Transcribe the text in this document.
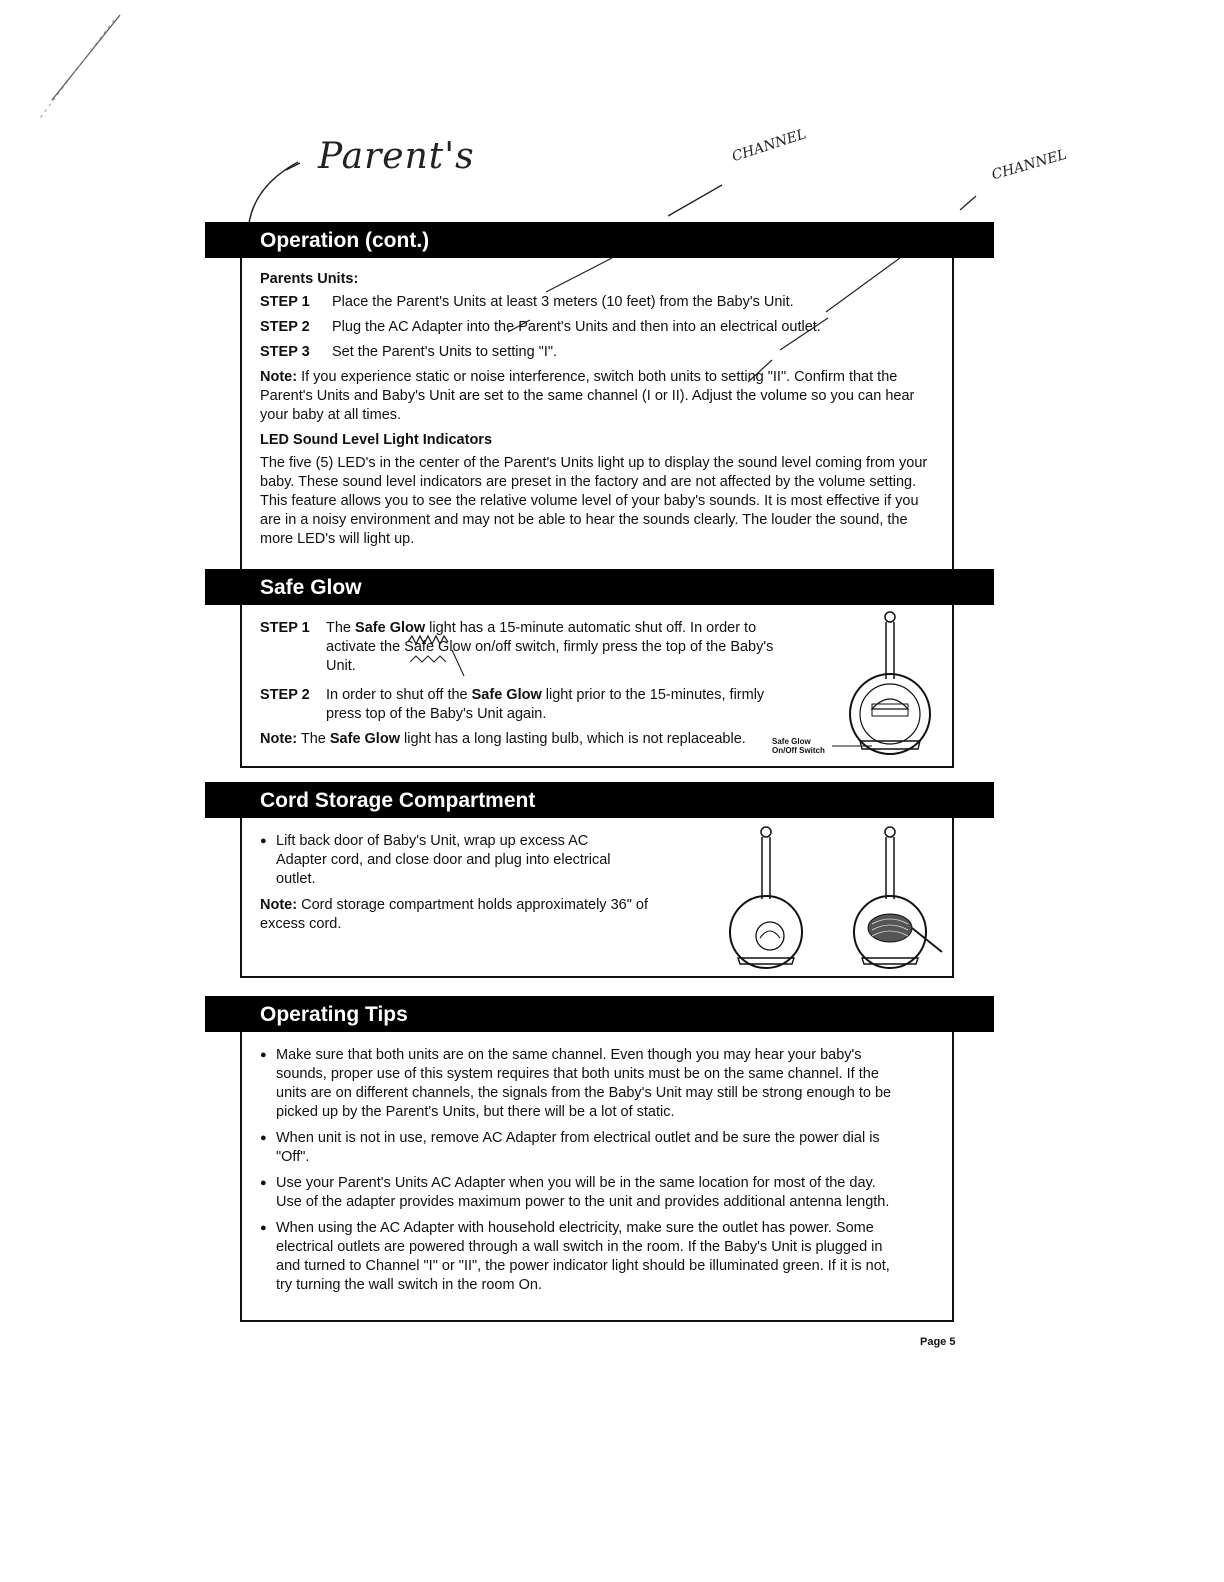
Parent's	CHANNEL	CHANNEL
Operation (cont.)
Parents Units:
STEP 1	Place the Parent's Units at least 3 meters (10 feet) from the Baby's Unit.
STEP 2	Plug the AC Adapter into the Parent's Units and then into an electrical outlet.
STEP 3	Set the Parent's Units to setting "I".
Note: If you experience static or noise interference, switch both units to setting "II". Confirm that the Parent's Units and Baby's Unit are set to the same channel (I or II). Adjust the volume so you can hear your baby at all times.
LED Sound Level Light Indicators
The five (5) LED's in the center of the Parent's Units light up to display the sound level coming from your baby. These sound level indicators are preset in the factory and are not affected by the volume setting. This feature allows you to see the relative volume level of your baby's sounds. It is most effective if you are in a noisy environment and may not be able to hear the sounds clearly. The louder the sound, the more LED's will light up.
Safe Glow
STEP 1	The Safe Glow light has a 15-minute automatic shut off. In order to activate the Safe Glow on/off switch, firmly press the top of the Baby's Unit.
STEP 2	In order to shut off the Safe Glow light prior to the 15-minutes, firmly press top of the Baby's Unit again.
Note: The Safe Glow light has a long lasting bulb, which is not replaceable.	Safe Glow
On/Off Switch
Cord Storage Compartment
● Lift back door of Baby's Unit, wrap up excess AC Adapter cord, and close door and plug into electrical outlet.
Note: Cord storage compartment holds approximately 36" of excess cord.
Operating Tips
● Make sure that both units are on the same channel. Even though you may hear your baby's sounds, proper use of this system requires that both units must be on the same channel. If the units are on different channels, the signals from the Baby's Unit may still be strong enough to be picked up by the Parent's Units, but there will be a lot of static.
● When unit is not in use, remove AC Adapter from electrical outlet and be sure the power dial is "Off".
● Use your Parent's Units AC Adapter when you will be in the same location for most of the day. Use of the adapter provides maximum power to the unit and provides additional antenna length.
● When using the AC Adapter with household electricity, make sure the outlet has power. Some electrical outlets are powered through a wall switch in the room. If the Baby's Unit is plugged in and turned to Channel "I" or "II", the power indicator light should be illuminated green. If it is not, try turning the wall switch in the room On.
Page 5
